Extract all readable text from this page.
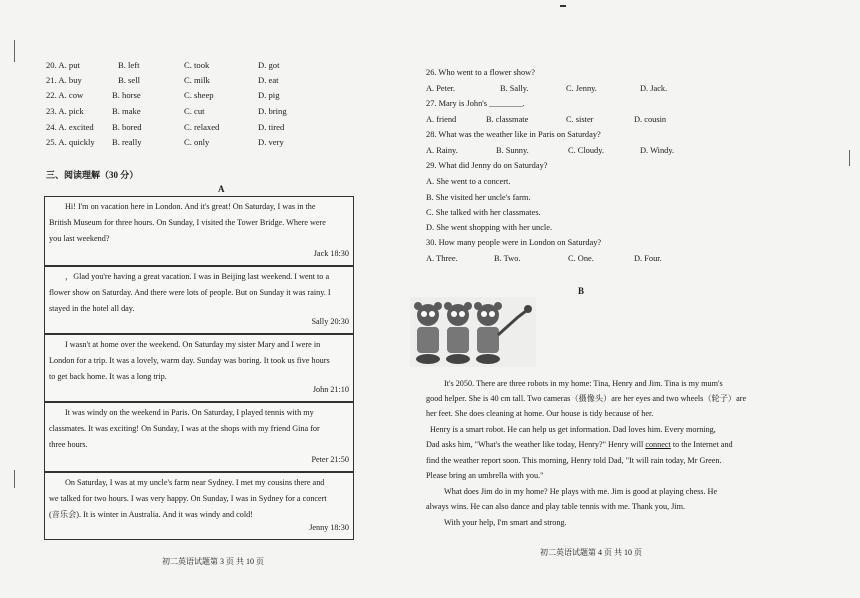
20. A. put	B. left	C. took	D. got
21. A. buy	B. sell	C. milk	D. eat
22. A. cow	B. horse	C. sheep	D. pig
23. A. pick	B. make	C. cut	D. bring
24. A. excited B. bored	C. relaxed	D. tired
25. A. quickly B. really	C. only	D. very
三、阅读理解（30 分）
A

Hi! I'm on vacation here in London. And it's great! On Saturday, I was in the

British Museum for three hours. On Sunday, I visited the Tower Bridge. Where were

you last weekend?

Jack 18:30

，Glad you're having a great vacation. I was in Beijing last weekend. I went to a

flower show on Saturday. And there were lots of people. But on Sunday it was rainy. I

stayed in the hotel all day.

Sally 20:30

I wasn't at home over the weekend. On Saturday my sister Mary and I were in

London for a trip. It was a lovely, warm day. Sunday was boring. It took us five hours

to get back home. It was a long trip.

John 21:10

It was windy on the weekend in Paris. On Saturday, I played tennis with my

classmates. It was exciting! On Sunday, I was at the shops with my friend Gina for

three hours.

Peter 21:50

On Saturday, I was at my uncle's farm near Sydney. I met my cousins there and

we talked for two hours. I was very happy. On Sunday, I was in Sydney for a concert

(音乐会). It is winter in Australia. And it was windy and cold!

Jenny 18:30
初二英语试题第 3 页 共 10 页
26. Who went to a flower show?
A. Peter.	B. Sally.	C. Jenny.	D. Jack.
27. Mary is John's ________.
A. friend	B. classmate	C. sister	D. cousin
28. What was the weather like in Paris on Saturday?
A. Rainy.	B. Sunny.	C. Cloudy.	D. Windy.
29. What did Jenny do on Saturday?
A. She went to a concert.
B. She visited her uncle's farm.
C. She talked with her classmates.
D. She went shopping with her uncle.
30. How many people were in London on Saturday?
A. Three.	B. Two.	C. One.	D. Four.
B

It's 2050. There are three robots in my home: Tina, Henry and Jim. Tina is my mum's

good helper. She is 40 cm tall. Two cameras（摄像头）are her eyes and two wheels（轮子）are

her feet. She does cleaning at home. Our house is tidy because of her.

Henry is a smart robot. He can help us get information. Dad loves him. Every morning,

Dad asks him, "What's the weather like today, Henry?" Henry will connect to the Internet and

find the weather report soon. This morning, Henry told Dad, "It will rain today, Mr Green.

Please bring an umbrella with you."

What does Jim do in my home? He plays with me. Jim is good at playing chess. He

always wins. He can also dance and play table tennis with me. Thank you, Jim.

With your help, I'm smart and strong.

初二英语试题第 4 页 共 10 页
